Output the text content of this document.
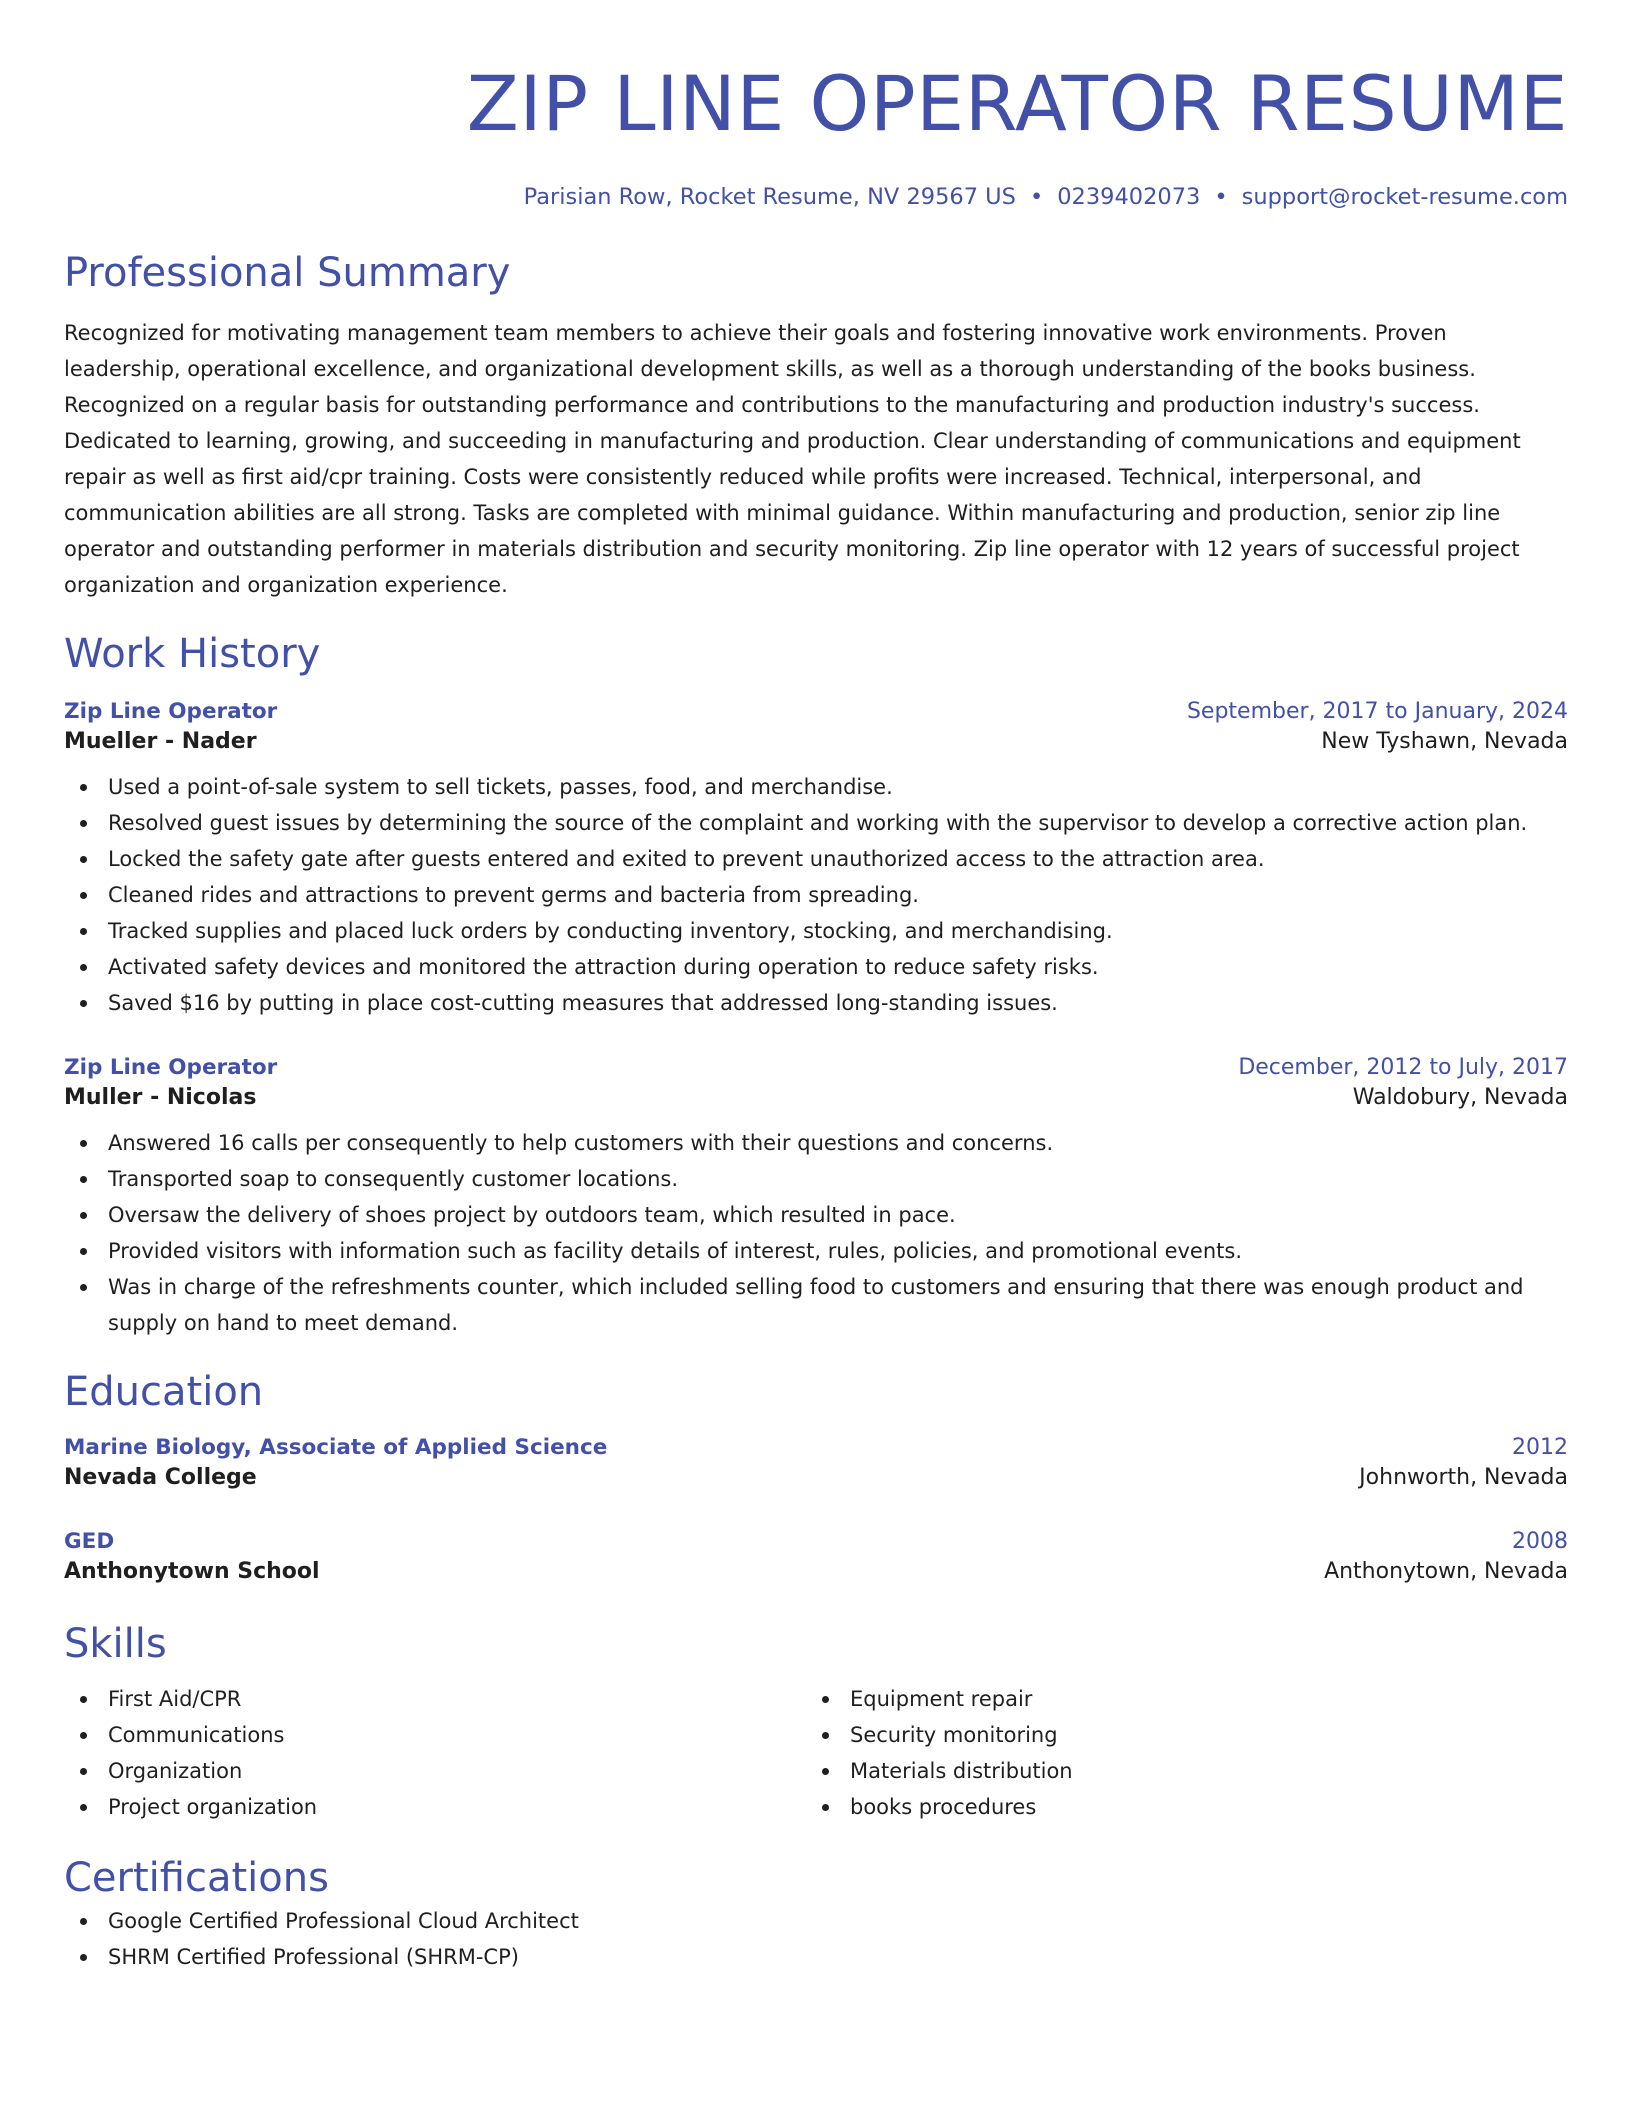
ZIP LINE OPERATOR RESUME
Parisian Row, Rocket Resume, NV 29567 US • 0239402073 • support@rocket-resume.com
Professional Summary
Recognized for motivating management team members to achieve their goals and fostering innovative work environments. Proven leadership, operational excellence, and organizational development skills, as well as a thorough understanding of the books business. Recognized on a regular basis for outstanding performance and contributions to the manufacturing and production industry's success. Dedicated to learning, growing, and succeeding in manufacturing and production. Clear understanding of communications and equipment repair as well as first aid/cpr training. Costs were consistently reduced while profits were increased. Technical, interpersonal, and communication abilities are all strong. Tasks are completed with minimal guidance. Within manufacturing and production, senior zip line operator and outstanding performer in materials distribution and security monitoring. Zip line operator with 12 years of successful project organization and organization experience.
Work History
Zip Line Operator	September, 2017 to January, 2024
Mueller - Nader	New Tyshawn, Nevada
Used a point-of-sale system to sell tickets, passes, food, and merchandise.
Resolved guest issues by determining the source of the complaint and working with the supervisor to develop a corrective action plan.
Locked the safety gate after guests entered and exited to prevent unauthorized access to the attraction area.
Cleaned rides and attractions to prevent germs and bacteria from spreading.
Tracked supplies and placed luck orders by conducting inventory, stocking, and merchandising.
Activated safety devices and monitored the attraction during operation to reduce safety risks.
Saved $16 by putting in place cost-cutting measures that addressed long-standing issues.
Zip Line Operator	December, 2012 to July, 2017
Muller - Nicolas	Waldobury, Nevada
Answered 16 calls per consequently to help customers with their questions and concerns.
Transported soap to consequently customer locations.
Oversaw the delivery of shoes project by outdoors team, which resulted in pace.
Provided visitors with information such as facility details of interest, rules, policies, and promotional events.
Was in charge of the refreshments counter, which included selling food to customers and ensuring that there was enough product and supply on hand to meet demand.
Education
Marine Biology, Associate of Applied Science	2012
Nevada College	Johnworth, Nevada
GED	2008
Anthonytown School	Anthonytown, Nevada
Skills
First Aid/CPR
Communications
Organization
Project organization
Equipment repair
Security monitoring
Materials distribution
books procedures
Certifications
Google Certified Professional Cloud Architect
SHRM Certified Professional (SHRM-CP)
